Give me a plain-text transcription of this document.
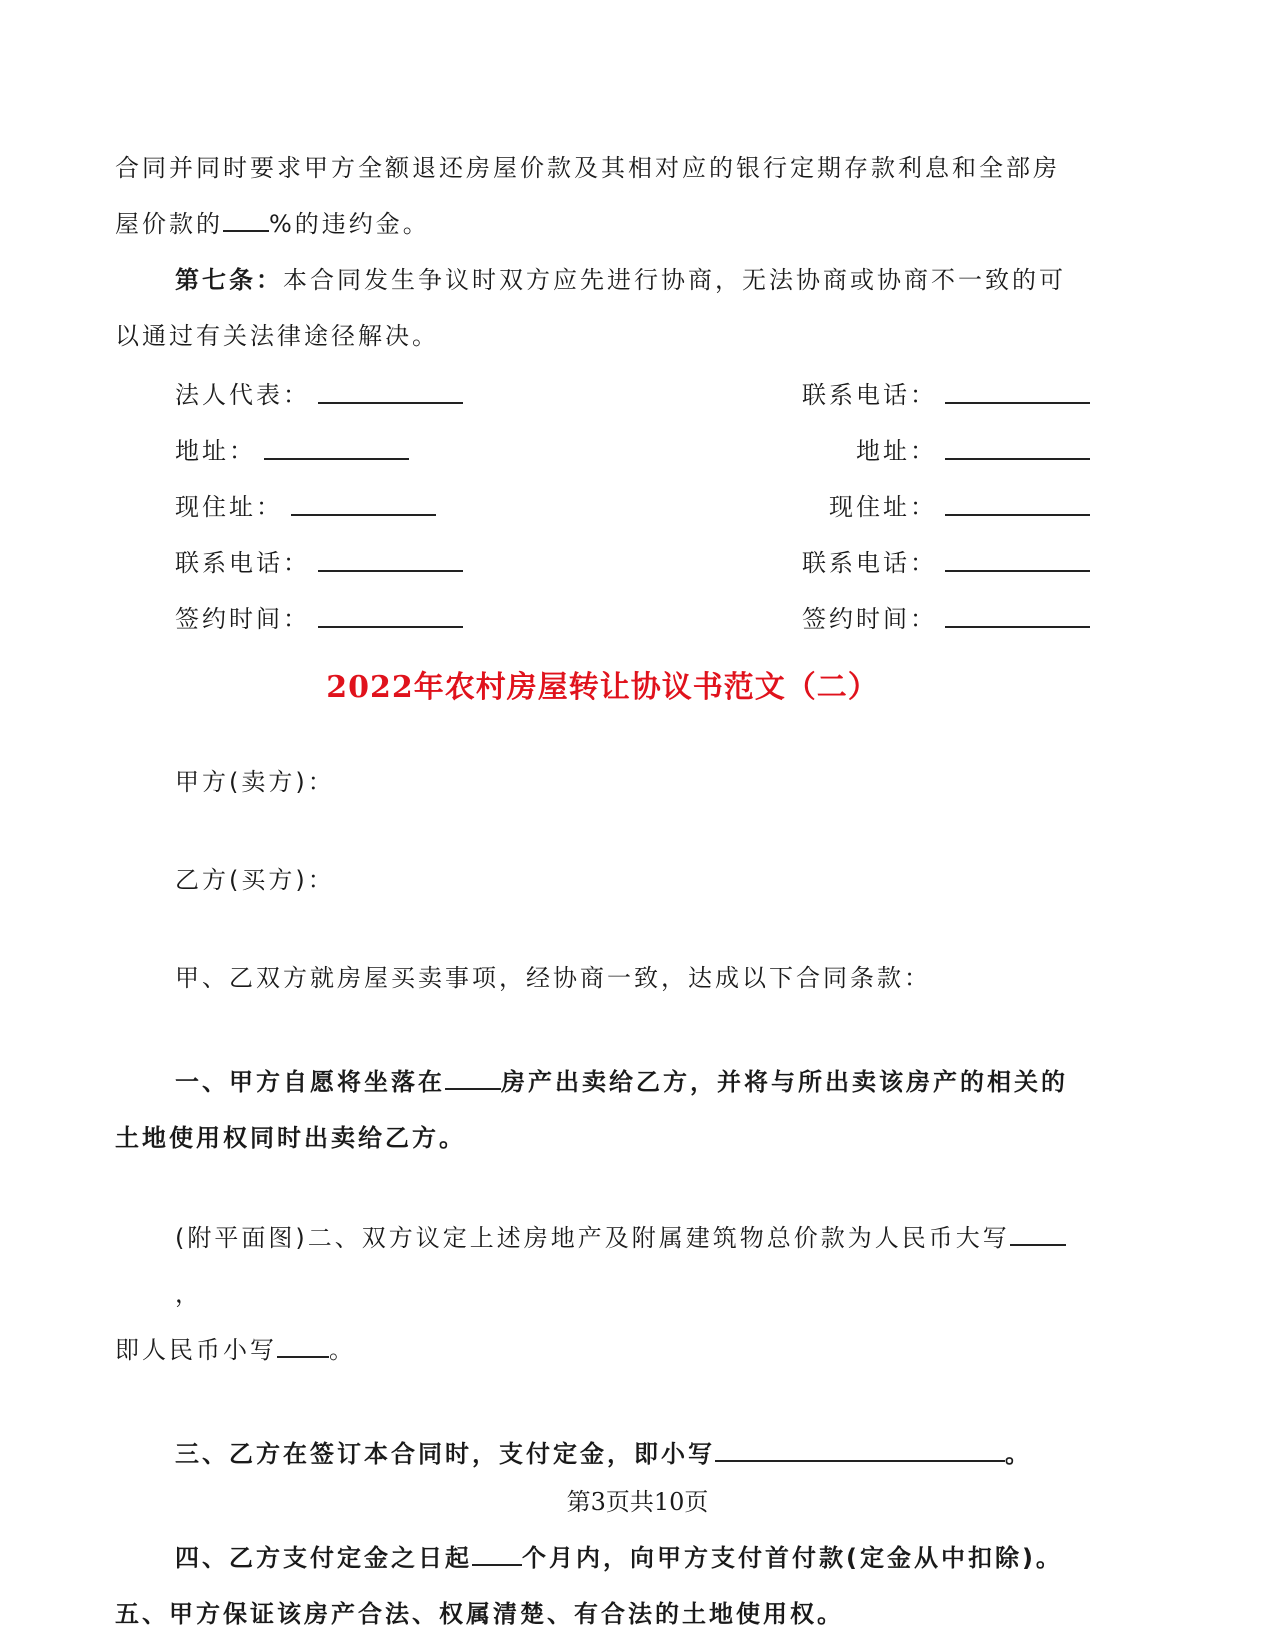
合同并同时要求甲方全额退还房屋价款及其相对应的银行定期存款利息和全部房

屋价款的 %的违约金。

第七条：本合同发生争议时双方应先进行协商，无法协商或协商不一致的可

以通过有关法律途径解决。

法人代表：	联系电话：
地址：	地址：
现住址：	现住址：
联系电话：	联系电话：
签约时间：	签约时间：
2022年农村房屋转让协议书范文（二）

甲方(卖方)：

乙方(买方)：

甲、乙双方就房屋买卖事项，经协商一致，达成以下合同条款：

一、甲方自愿将坐落在 房产出卖给乙方，并将与所出卖该房产的相关的

土地使用权同时出卖给乙方。

(附平面图)二、双方议定上述房地产及附属建筑物总价款为人民币大写，

即人民币小写 。

三、乙方在签订本合同时，支付定金，即小写	。

四、乙方支付定金之日起 个月内，向甲方支付首付款(定金从中扣除)。

五、甲方保证该房产合法、权属清楚、有合法的土地使用权。

第3页共10页
